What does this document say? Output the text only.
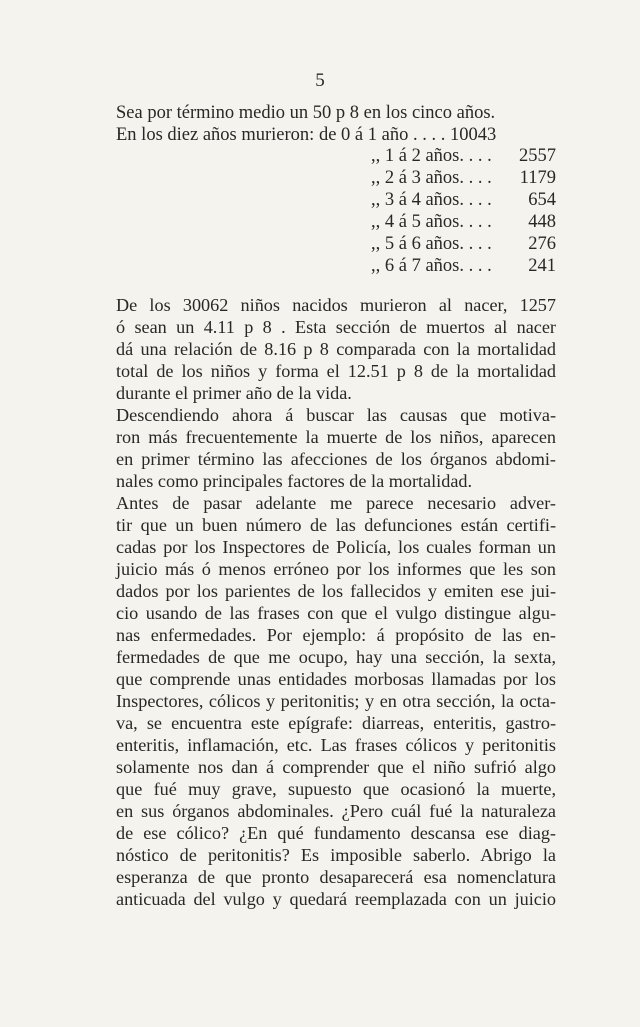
5
Sea por término medio un 50 p 8 en los cinco años.
En los diez años murieron: de 0 á 1 año . . . . 10043
,, 1 á 2 años. . . . 2557
,, 2 á 3 años. . . . 1179
,, 3 á 4 años. . . . 654
,, 4 á 5 años. . . . 448
,, 5 á 6 años. . . . 276
,, 6 á 7 años. . . . 241
De los 30062 niños nacidos murieron al nacer, 1257
ó sean un 4.11 p 8 . Esta sección de muertos al nacer
dá una relación de 8.16 p 8 comparada con la mortalidad
total de los niños y forma el 12.51 p 8 de la mortalidad
durante el primer año de la vida.
Descendiendo ahora á buscar las causas que motiva-
ron más frecuentemente la muerte de los niños, aparecen
en primer término las afecciones de los órganos abdomi-
nales como principales factores de la mortalidad.
Antes de pasar adelante me parece necesario adver-
tir que un buen número de las defunciones están certifi-
cadas por los Inspectores de Policía, los cuales forman un
juicio más ó menos erróneo por los informes que les son
dados por los parientes de los fallecidos y emiten ese jui-
cio usando de las frases con que el vulgo distingue algu-
nas enfermedades. Por ejemplo: á propósito de las en-
fermedades de que me ocupo, hay una sección, la sexta,
que comprende unas entidades morbosas llamadas por los
Inspectores, cólicos y peritonitis; y en otra sección, la octa-
va, se encuentra este epígrafe: diarreas, enteritis, gastro-
enteritis, inflamación, etc. Las frases cólicos y peritonitis
solamente nos dan á comprender que el niño sufrió algo
que fué muy grave, supuesto que ocasionó la muerte,
en sus órganos abdominales. ¿Pero cuál fué la naturaleza
de ese cólico? ¿En qué fundamento descansa ese diag-
nóstico de peritonitis? Es imposible saberlo. Abrigo la
esperanza de que pronto desaparecerá esa nomenclatura
anticuada del vulgo y quedará reemplazada con un juicio
